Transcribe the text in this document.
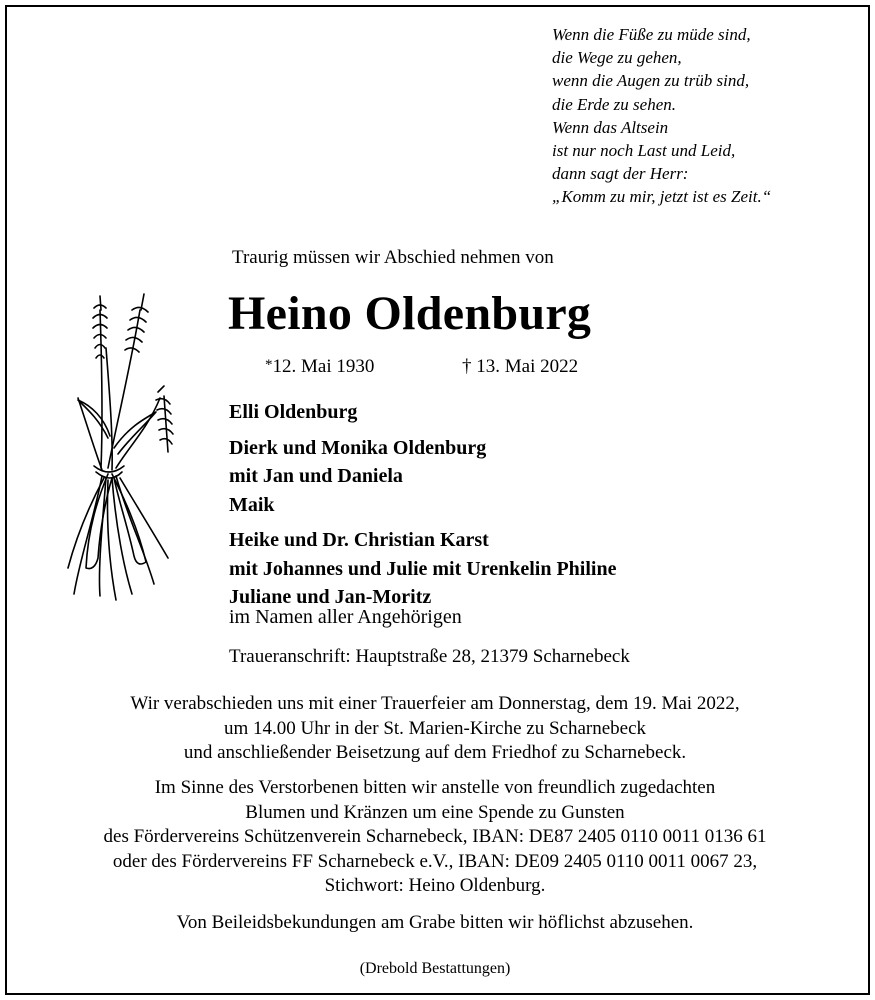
Wenn die Füße zu müde sind,
die Wege zu gehen,
wenn die Augen zu trüb sind,
die Erde zu sehen.
Wenn das Altsein
ist nur noch Last und Leid,
dann sagt der Herr:
„Komm zu mir, jetzt ist es Zeit.“
Traurig müssen wir Abschied nehmen von
Heino Oldenburg
*12. Mai 1930	† 13. Mai 2022
Elli Oldenburg
Dierk und Monika Oldenburg
mit Jan und Daniela
Maik
Heike und Dr. Christian Karst
mit Johannes und Julie mit Urenkelin Philine
Juliane und Jan-Moritz
im Namen aller Angehörigen
Traueranschrift: Hauptstraße 28, 21379 Scharnebeck
Wir verabschieden uns mit einer Trauerfeier am Donnerstag, dem 19. Mai 2022,
um 14.00 Uhr in der St. Marien-Kirche zu Scharnebeck
und anschließender Beisetzung auf dem Friedhof zu Scharnebeck.
Im Sinne des Verstorbenen bitten wir anstelle von freundlich zugedachten
Blumen und Kränzen um eine Spende zu Gunsten
des Fördervereins Schützenverein Scharnebeck, IBAN: DE87 2405 0110 0011 0136 61
oder des Fördervereins FF Scharnebeck e.V., IBAN: DE09 2405 0110 0011 0067 23,
Stichwort: Heino Oldenburg.
Von Beileidsbekundungen am Grabe bitten wir höflichst abzusehen.
(Drebold Bestattungen)
